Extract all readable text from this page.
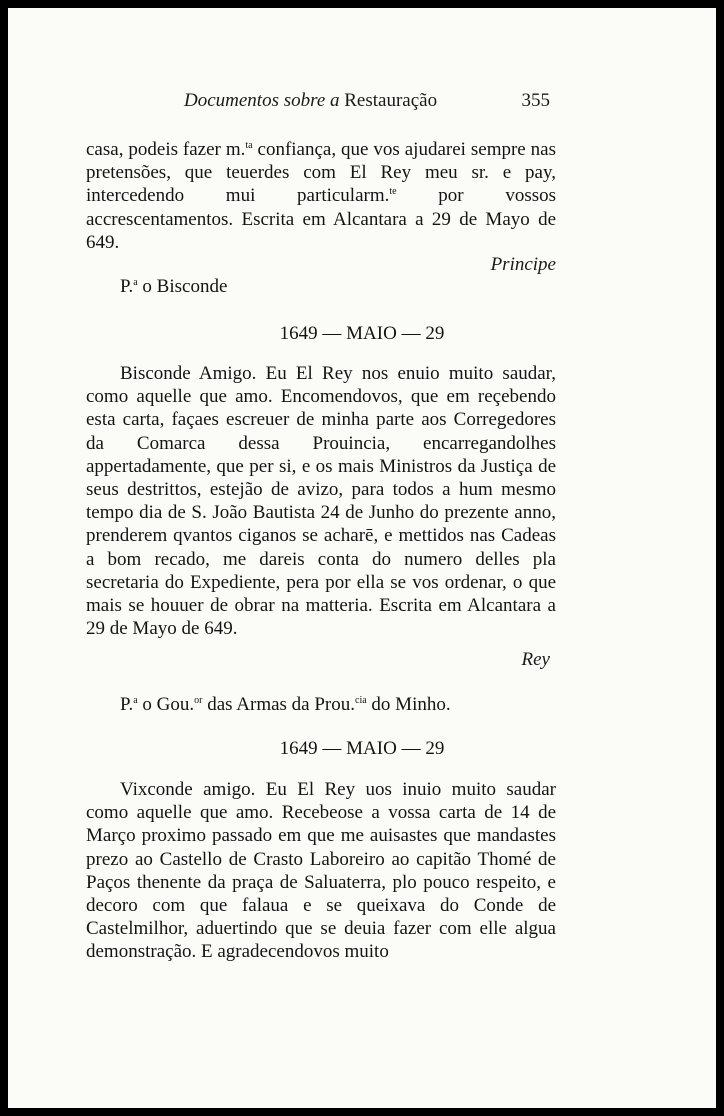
Documentos sobre a Restauração	355

casa, podeis fazer m.$^{ta}$ confiança, que vos ajudarei sempre nas pretensões, que teuerdes com El Rey meu sr. e pay, intercedendo mui particularm.$^{te}$ por vossos accrescentamentos. Escrita em Alcantara a 29 de Mayo de 649.

Principe
P.$^a$ o Bisconde
1649 — MAIO — 29

Bisconde Amigo. Eu El Rey nos enuio muito saudar, como aquelle que amo. Encomendovos, que em reçebendo esta carta, façaes escreuer de minha parte aos Corregedores da Comarca dessa Prouincia, encarregandolhes appertadamente, que per si, e os mais Ministros da Justiça de seus destrittos, estejão de avizo, para todos a hum mesmo tempo dia de S. João Bautista 24 de Junho do prezente anno, prenderem qvantos ciganos se acharē, e mettidos nas Cadeas a bom recado, me dareis conta do numero delles pla secretaria do Expediente, pera por ella se vos ordenar, o que mais se houuer de obrar na matteria. Escrita em Alcantara a 29 de Mayo de 649.

Rey
P.$^a$ o Gou.$^{or}$ das Armas da Prou.$^{cia}$ do Minho.
1649 — MAIO — 29

Vixconde amigo. Eu El Rey uos inuio muito saudar como aquelle que amo. Recebeose a vossa carta de 14 de Março proximo passado em que me auisastes que mandastes prezo ao Castello de Crasto Laboreiro ao capitão Thomé de Paços thenente da praça de Saluaterra, plo pouco respeito, e decoro com que falaua e se queixava do Conde de Castelmilhor, aduertindo que se deuia fazer com elle algua demonstração. E agradecendovos muito
